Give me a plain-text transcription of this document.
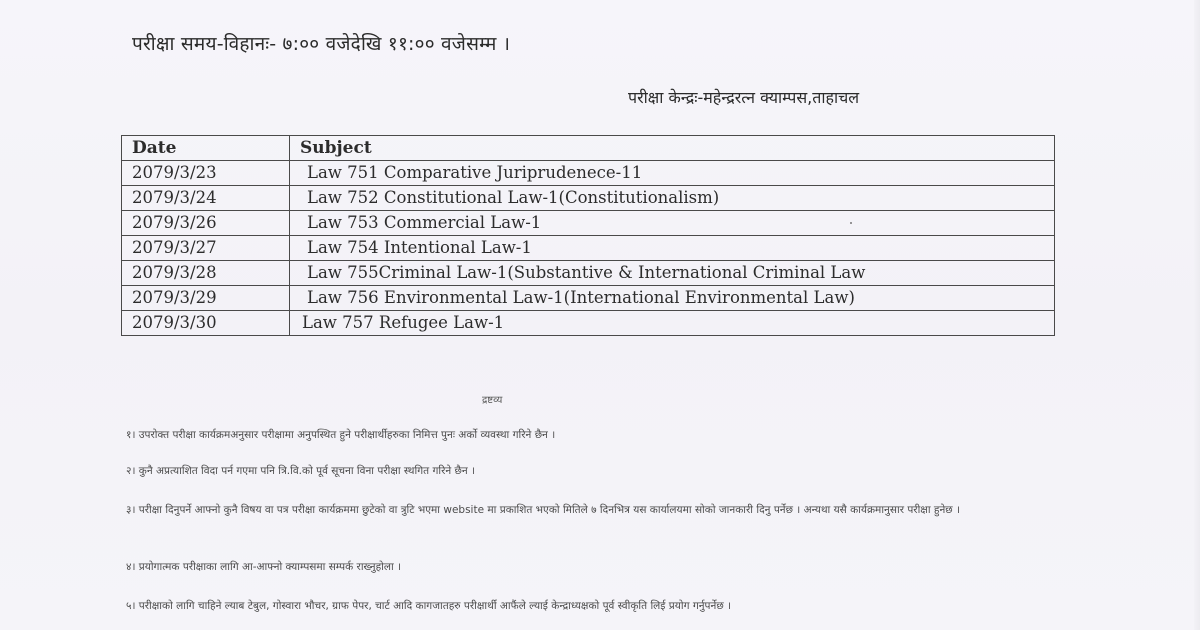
परीक्षा समय-विहानः- ७:०० वजेदेखि ११:०० वजेसम्म ।
परीक्षा केन्द्रः-महेन्द्ररत्न क्याम्पस,ताहाचल
Date	Subject
2079/3/23	Law 751 Comparative Juriprudenece-11
2079/3/24	Law 752 Constitutional Law-1(Constitutionalism)
2079/3/26	Law 753 Commercial Law-1
2079/3/27	Law 754 Intentional Law-1
2079/3/28	Law 755Criminal Law-1(Substantive & International Criminal Law
2079/3/29	Law 756 Environmental Law-1(International Environmental Law)
2079/3/30	Law 757 Refugee Law-1
द्रष्टव्य
१। उपरोक्त परीक्षा कार्यक्रमअनुसार परीक्षामा अनुपस्थित हुने परीक्षार्थीहरुका निमित्त पुनः अर्को व्यवस्था गरिने छैन ।
२। कुनै अप्रत्याशित विदा पर्न गएमा पनि त्रि.वि.को पूर्व सूचना विना परीक्षा स्थगित गरिने छैन ।
३। परीक्षा दिनुपर्ने आफ्नो कुनै विषय वा पत्र परीक्षा कार्यक्रममा छुटेको वा त्रुटि भएमा website मा प्रकाशित भएको मितिले ७ दिनभित्र यस कार्यालयमा सोको जानकारी दिनु पर्नेछ । अन्यथा यसै कार्यक्रमानुसार परीक्षा हुनेछ ।
४। प्रयोगात्मक परीक्षाका लागि आ-आफ्नो क्याम्पसमा सम्पर्क राख्नुहोला ।
५। परीक्षाको लागि चाहिने ल्याब टेबुल, गोस्वारा भौचर, ग्राफ पेपर, चार्ट आदि कागजातहरु परीक्षार्थी आफैंले ल्याई केन्द्राध्यक्षको पूर्व स्वीकृति लिई प्रयोग गर्नुपर्नेछ ।
